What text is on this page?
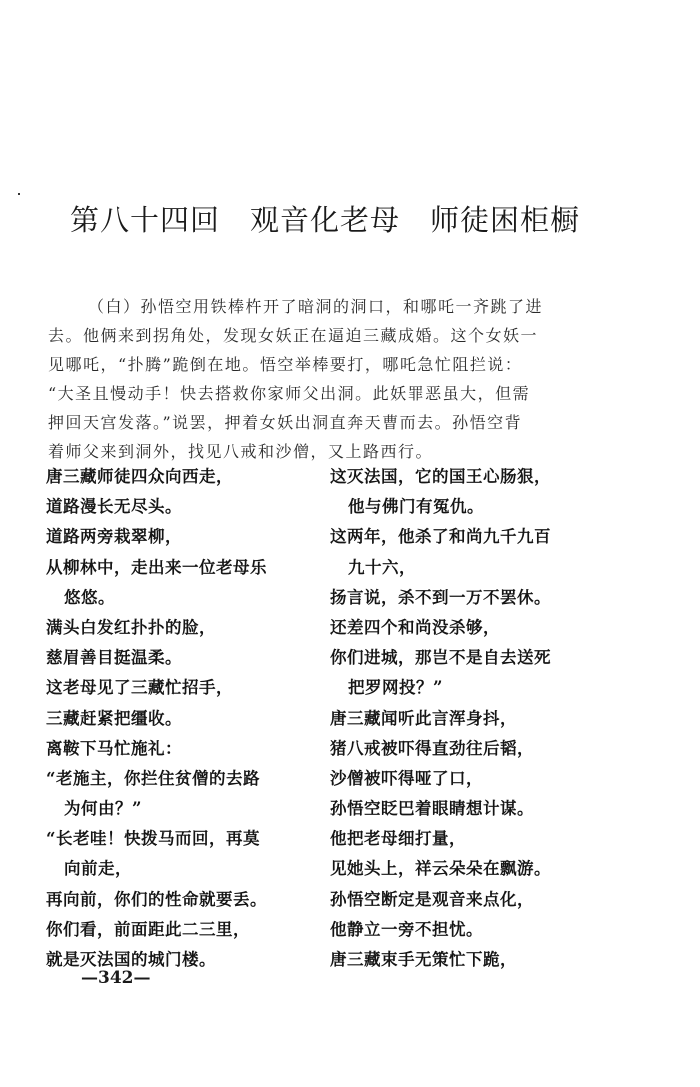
第八十四回　观音化老母　师徒困柜橱
（白）孙悟空用铁棒杵开了暗洞的洞口，和哪吒一齐跳了进
去。他俩来到拐角处，发现女妖正在逼迫三藏成婚。这个女妖一
见哪吒，“扑腾”跪倒在地。悟空举棒要打，哪吒急忙阻拦说：
“大圣且慢动手！快去搭救你家师父出洞。此妖罪恶虽大，但需
押回天宫发落。”说罢，押着女妖出洞直奔天曹而去。孙悟空背
着师父来到洞外，找见八戒和沙僧，又上路西行。
唐三藏师徒四众向西走，
道路漫长无尽头。
道路两旁栽翠柳，
从柳林中，走出来一位老母乐
悠悠。
满头白发红扑扑的脸，
慈眉善目挺温柔。
这老母见了三藏忙招手，
三藏赶紧把缰收。
离鞍下马忙施礼：
“老施主，你拦住贫僧的去路
为何由？”
“长老哇！快拨马而回，再莫
向前走，
再向前，你们的性命就要丢。
你们看，前面距此二三里，
就是灭法国的城门楼。
这灭法国，它的国王心肠狠，
他与佛门有冤仇。
这两年，他杀了和尚九千九百
九十六，
扬言说，杀不到一万不罢休。
还差四个和尚没杀够，
你们进城，那岂不是自去送死
把罗网投？”
唐三藏闻听此言浑身抖，
猪八戒被吓得直劲往后韬，
沙僧被吓得哑了口，
孙悟空眨巴着眼睛想计谋。
他把老母细打量，
见她头上，祥云朵朵在飘游。
孙悟空断定是观音来点化，
他静立一旁不担忧。
唐三藏束手无策忙下跪，
—342—
